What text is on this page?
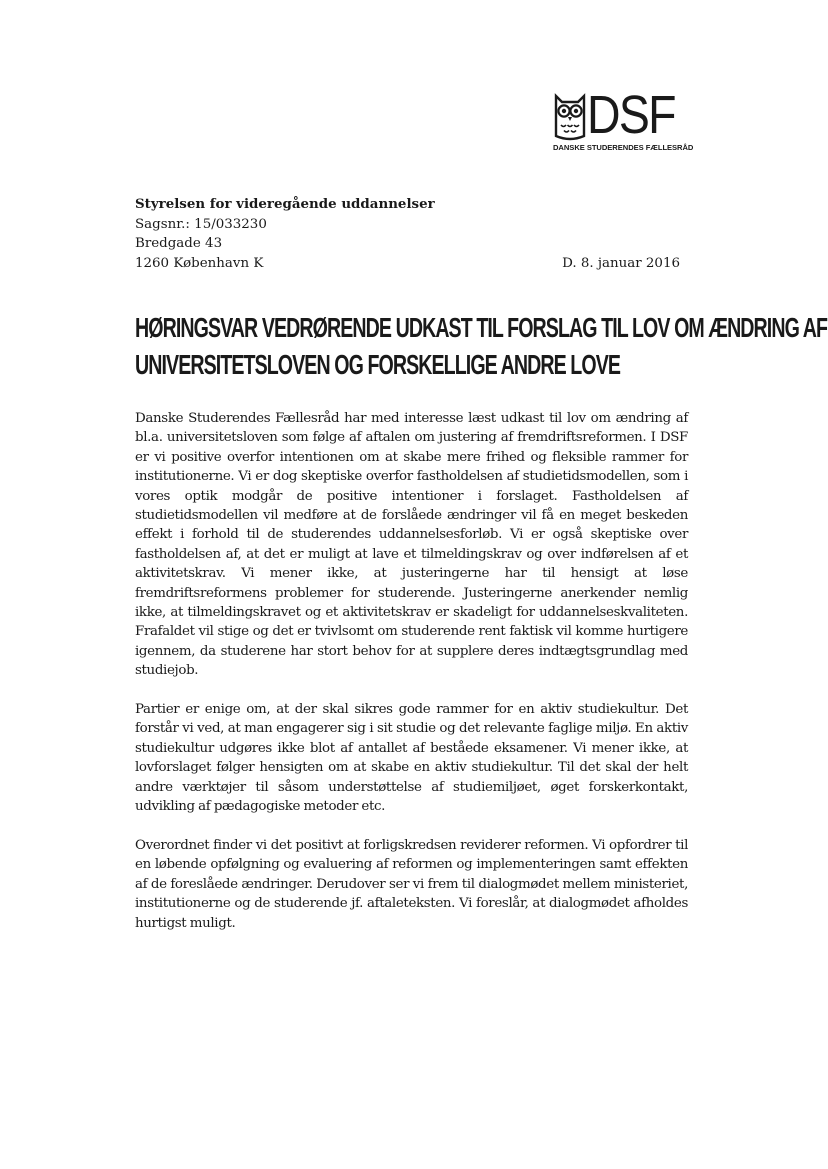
DSF
DANSKE STUDERENDES FÆLLESRÅD
Styrelsen for videregående uddannelser
Sagsnr.: 15/033230
Bredgade 43
1260 København K	D. 8. januar 2016
HØRINGSVAR VEDRØRENDE UDKAST TIL FORSLAG TIL LOV OM ÆNDRING AF
UNIVERSITETSLOVEN OG FORSKELLIGE ANDRE LOVE

Danske Studerendes Fællesråd har med interesse læst udkast til lov om ændring af bl.a. universitetsloven som følge af aftalen om justering af fremdriftsreformen. I DSF er vi positive overfor intentionen om at skabe mere frihed og fleksible rammer for institutionerne. Vi er dog skeptiske overfor fastholdelsen af studietidsmodellen, som i vores optik modgår de positive intentioner i forslaget. Fastholdelsen af studietidsmodellen vil medføre at de forslåede ændringer vil få en meget beskeden effekt i forhold til de studerendes uddannelsesforløb. Vi er også skeptiske over fastholdelsen af, at det er muligt at lave et tilmeldingskrav og over indførelsen af et aktivitetskrav. Vi mener ikke, at justeringerne har til hensigt at løse fremdriftsreformens problemer for studerende. Justeringerne anerkender nemlig ikke, at tilmeldingskravet og et aktivitetskrav er skadeligt for uddannelseskvaliteten. Frafaldet vil stige og det er tvivlsomt om studerende rent faktisk vil komme hurtigere igennem, da studerene har stort behov for at supplere deres indtægtsgrundlag med studiejob.

Partier er enige om, at der skal sikres gode rammer for en aktiv studiekultur. Det forstår vi ved, at man engagerer sig i sit studie og det relevante faglige miljø. En aktiv studiekultur udgøres ikke blot af antallet af beståede eksamener. Vi mener ikke, at lovforslaget følger hensigten om at skabe en aktiv studiekultur. Til det skal der helt andre værktøjer til såsom understøttelse af studiemiljøet, øget forskerkontakt, udvikling af pædagogiske metoder etc.

Overordnet finder vi det positivt at forligskredsen reviderer reformen. Vi opfordrer til en løbende opfølgning og evaluering af reformen og implementeringen samt effekten af de foreslåede ændringer. Derudover ser vi frem til dialogmødet mellem ministeriet, institutionerne og de studerende jf. aftaleteksten. Vi foreslår, at dialogmødet afholdes hurtigst muligt.
